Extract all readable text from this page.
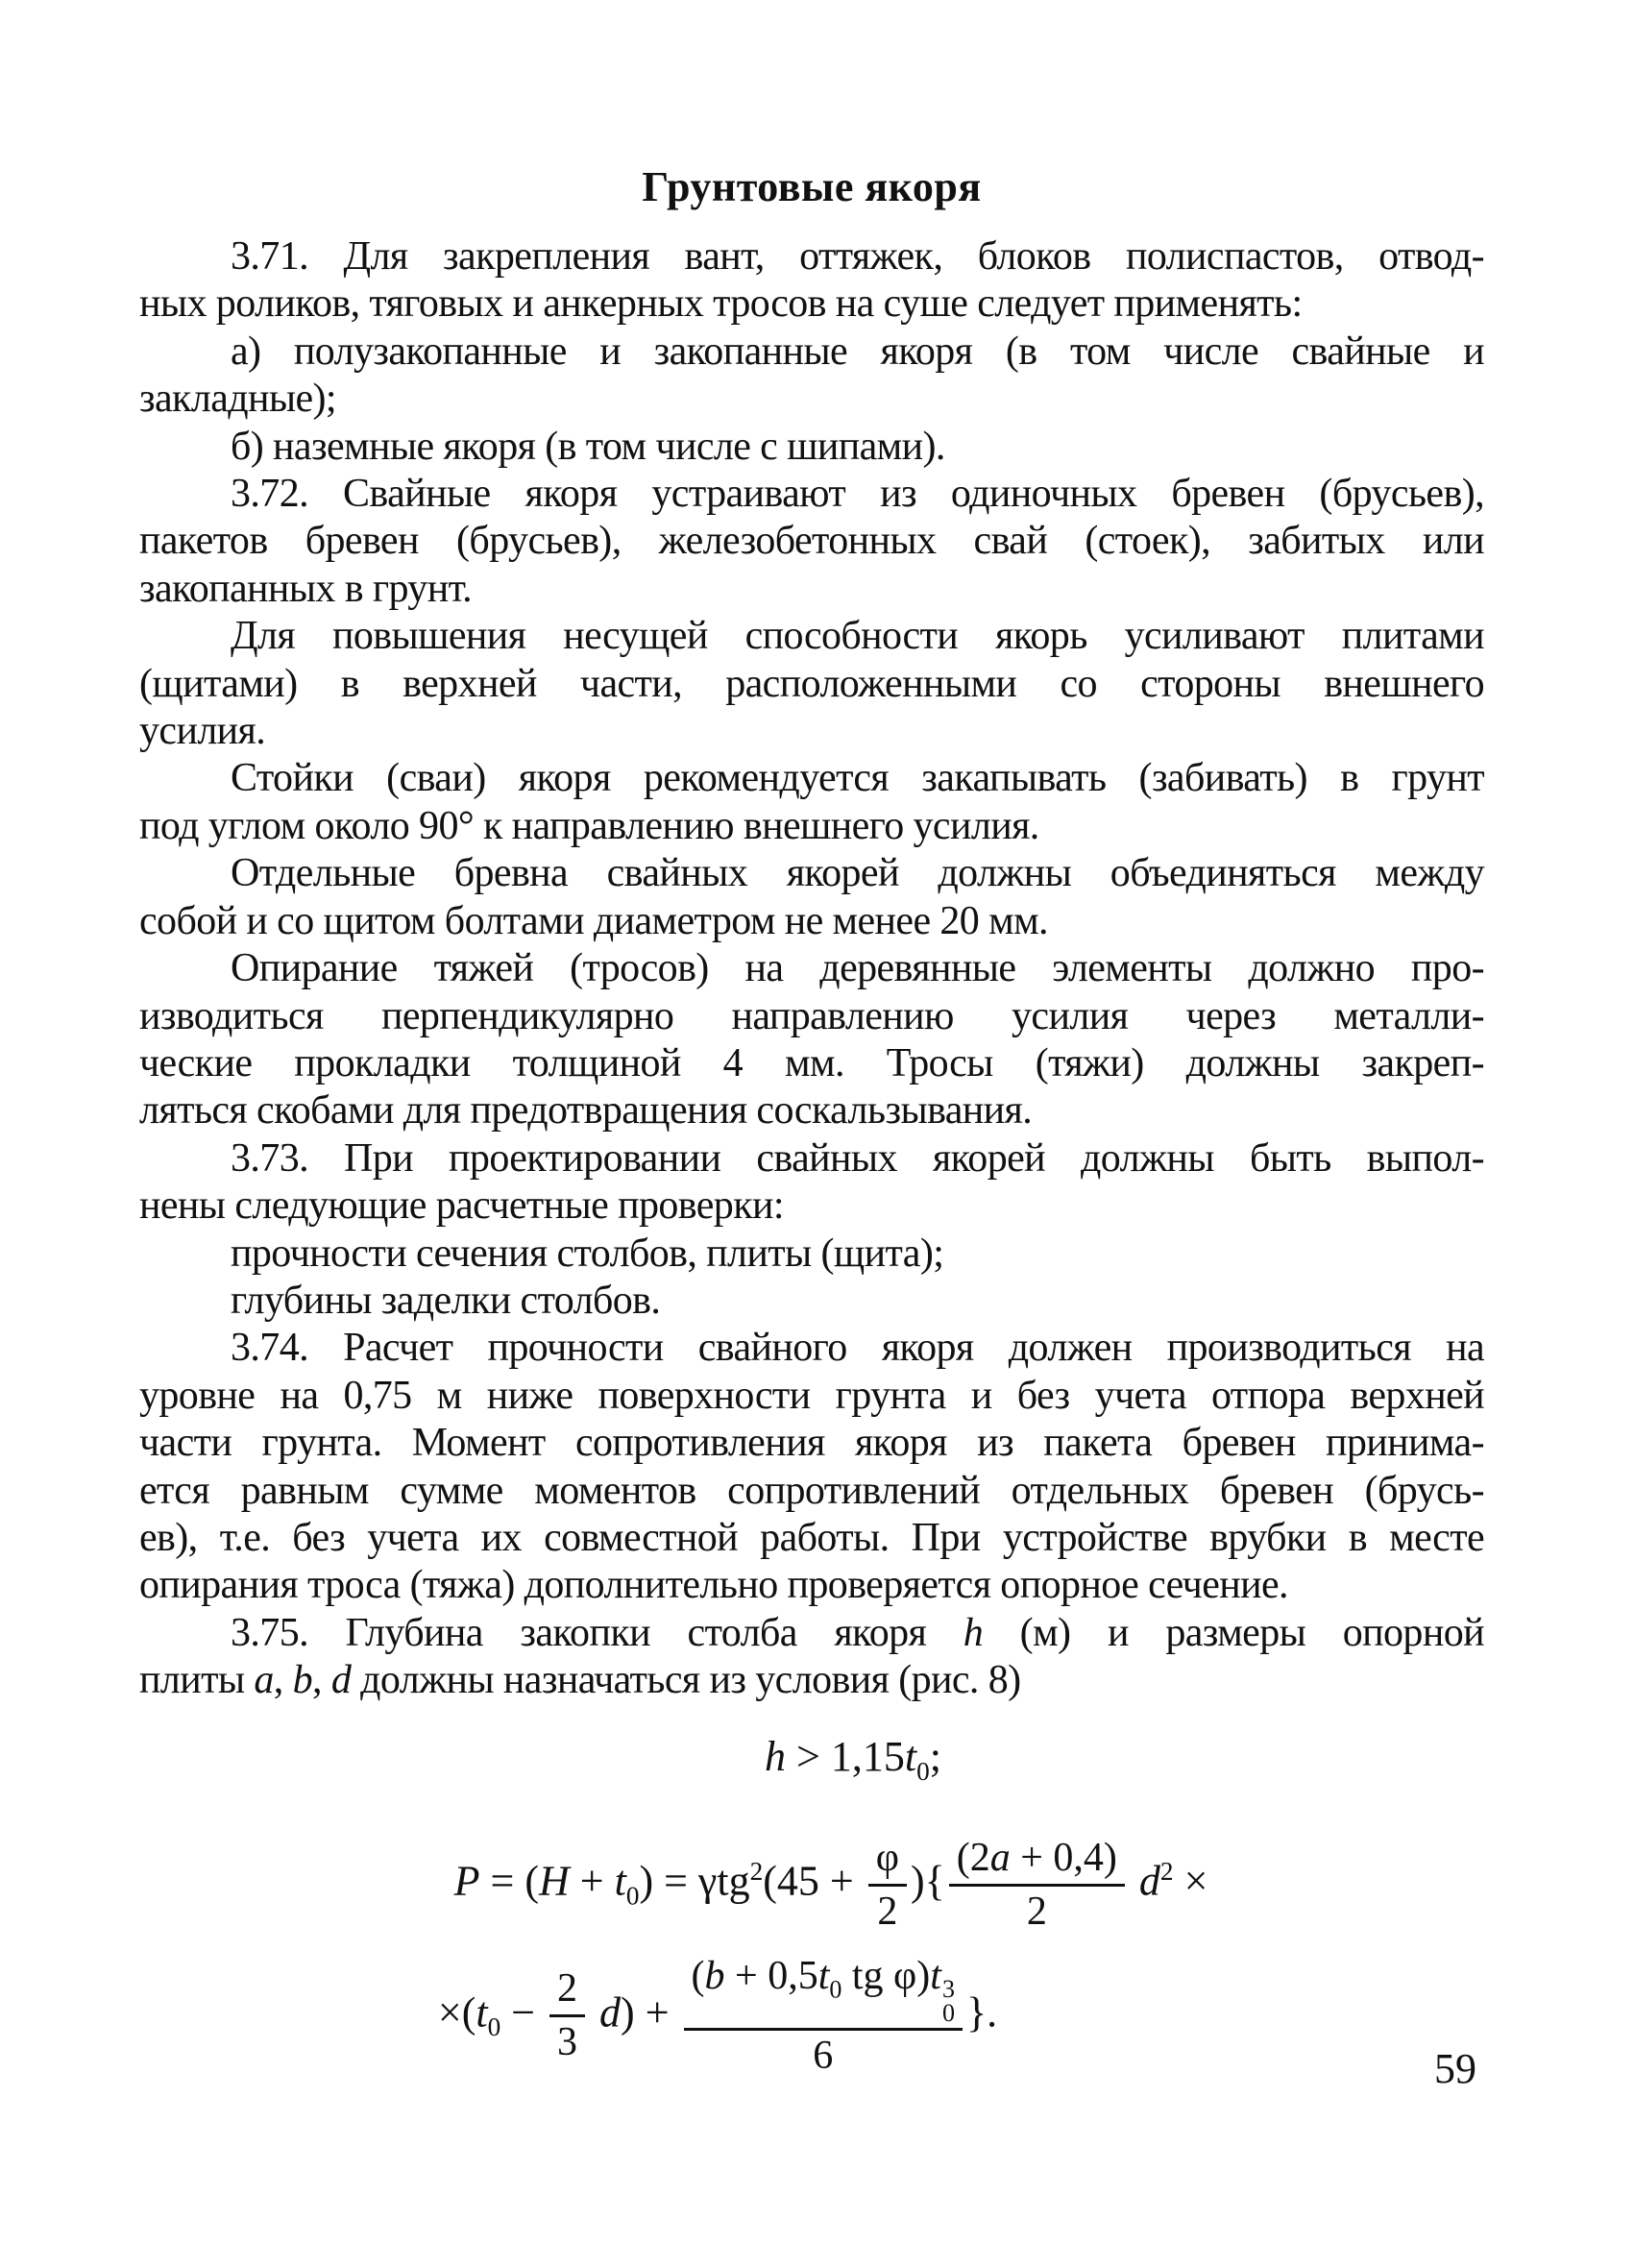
Грунтовые якоря
3.71. Для закрепления вант, оттяжек, блоков полиспастов, отвод-
ных роликов, тяговых и анкерных тросов на суше следует применять:
а) полузакопанные и закопанные якоря (в том числе свайные и
закладные);
б) наземные якоря (в том числе с шипами).
3.72. Свайные якоря устраивают из одиночных бревен (брусьев),
пакетов бревен (брусьев), железобетонных свай (стоек), забитых или
закопанных в грунт.
Для повышения несущей способности якорь усиливают плитами
(щитами) в верхней части, расположенными со стороны внешнего
усилия.
Стойки (сваи) якоря рекомендуется закапывать (забивать) в грунт
под углом около 90° к направлению внешнего усилия.
Отдельные бревна свайных якорей должны объединяться между
собой и со щитом болтами диаметром не менее 20 мм.
Опирание тяжей (тросов) на деревянные элементы должно про-
изводиться перпендикулярно направлению усилия через металли-
ческие прокладки толщиной 4 мм. Тросы (тяжи) должны закреп-
ляться скобами для предотвращения соскальзывания.
3.73. При проектировании свайных якорей должны быть выпол-
нены следующие расчетные проверки:
прочности сечения столбов, плиты (щита);
глубины заделки столбов.
3.74. Расчет прочности свайного якоря должен производиться на
уровне на 0,75 м ниже поверхности грунта и без учета отпора верхней
части грунта. Момент сопротивления якоря из пакета бревен принима-
ется равным сумме моментов сопротивлений отдельных бревен (брусь-
ев), т.е. без учета их совместной работы. При устройстве врубки в месте
опирания троса (тяжа) дополнительно проверяется опорное сечение.
3.75. Глубина закопки столба якоря h (м) и размеры опорной
плиты a, b, d должны назначаться из условия (рис. 8)
$h > 1,15t_0$;
$P = (H + t_0) = \gamma tg^2(45 + \frac{\varphi}{2}$ ){ $\frac{(2a + 0,4)}{2} d^2$ ×
$\times(t_0 - \frac{2}{3} d) + (b + 0,5t_0$ tg φ)t 3
0
6 }.
59
